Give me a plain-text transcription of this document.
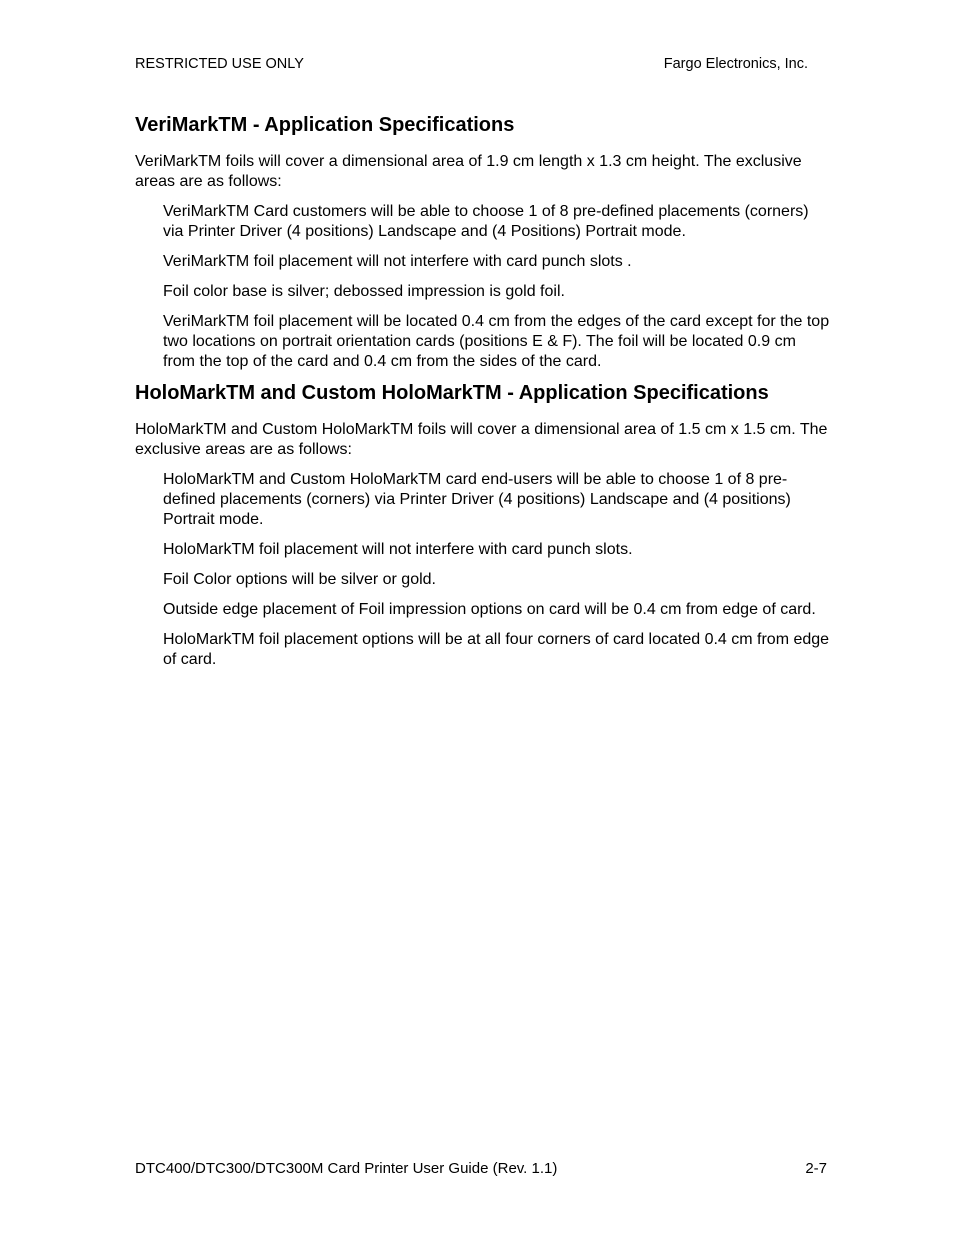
RESTRICTED USE ONLY	Fargo Electronics, Inc.
VeriMarkTM - Application Specifications

VeriMarkTM foils will cover a dimensional area of 1.9 cm length x 1.3 cm height. The exclusive areas are as follows:

VeriMarkTM Card customers will be able to choose 1 of 8 pre-defined placements (corners) via Printer Driver (4 positions) Landscape and (4 Positions) Portrait mode.
VeriMarkTM foil placement will not interfere with card punch slots .
Foil color base is silver; debossed impression is gold foil.
VeriMarkTM foil placement will be located 0.4 cm from the edges of the card except for the top two locations on portrait orientation cards (positions E & F). The foil will be located 0.9 cm from the top of the card and 0.4 cm from the sides of the card.
HoloMarkTM and Custom HoloMarkTM - Application Specifications

HoloMarkTM and Custom HoloMarkTM foils will cover a dimensional area of 1.5 cm x 1.5 cm. The exclusive areas are as follows:

HoloMarkTM and Custom HoloMarkTM card end-users will be able to choose 1 of 8 pre-defined placements (corners) via Printer Driver (4 positions) Landscape and (4 positions) Portrait mode.
HoloMarkTM foil placement will not interfere with card punch slots.
Foil Color options will be silver or gold.
Outside edge placement of Foil impression options on card will be 0.4 cm from edge of card.
HoloMarkTM foil placement options will be at all four corners of card located 0.4 cm from edge of card.
DTC400/DTC300/DTC300M Card Printer User Guide (Rev. 1.1)	2-7
